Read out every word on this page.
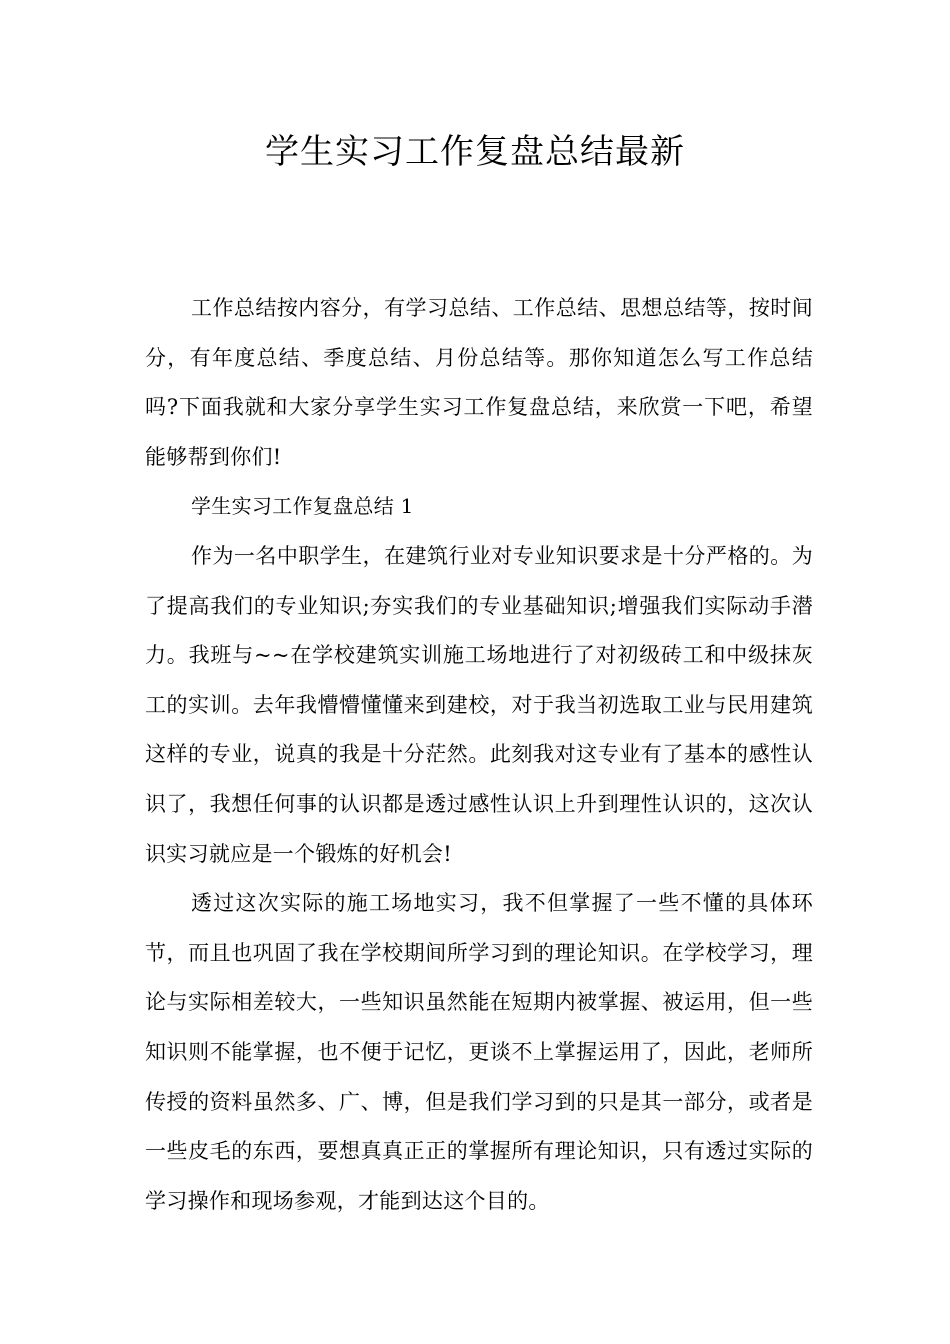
学生实习工作复盘总结最新

工作总结按内容分，有学习总结、工作总结、思想总结等，按时间分，有年度总结、季度总结、月份总结等。那你知道怎么写工作总结吗?下面我就和大家分享学生实习工作复盘总结，来欣赏一下吧，希望能够帮到你们!

学生实习工作复盘总结 1

作为一名中职学生，在建筑行业对专业知识要求是十分严格的。为了提高我们的专业知识;夯实我们的专业基础知识;增强我们实际动手潜力。我班与~~在学校建筑实训施工场地进行了对初级砖工和中级抹灰工的实训。去年我懵懵懂懂来到建校，对于我当初选取工业与民用建筑这样的专业，说真的我是十分茫然。此刻我对这专业有了基本的感性认识了，我想任何事的认识都是透过感性认识上升到理性认识的，这次认识实习就应是一个锻炼的好机会!

透过这次实际的施工场地实习，我不但掌握了一些不懂的具体环节，而且也巩固了我在学校期间所学习到的理论知识。在学校学习，理论与实际相差较大，一些知识虽然能在短期内被掌握、被运用，但一些知识则不能掌握，也不便于记忆，更谈不上掌握运用了，因此，老师所传授的资料虽然多、广、博，但是我们学习到的只是其一部分，或者是一些皮毛的东西，要想真真正正的掌握所有理论知识，只有透过实际的学习操作和现场参观，才能到达这个目的。
